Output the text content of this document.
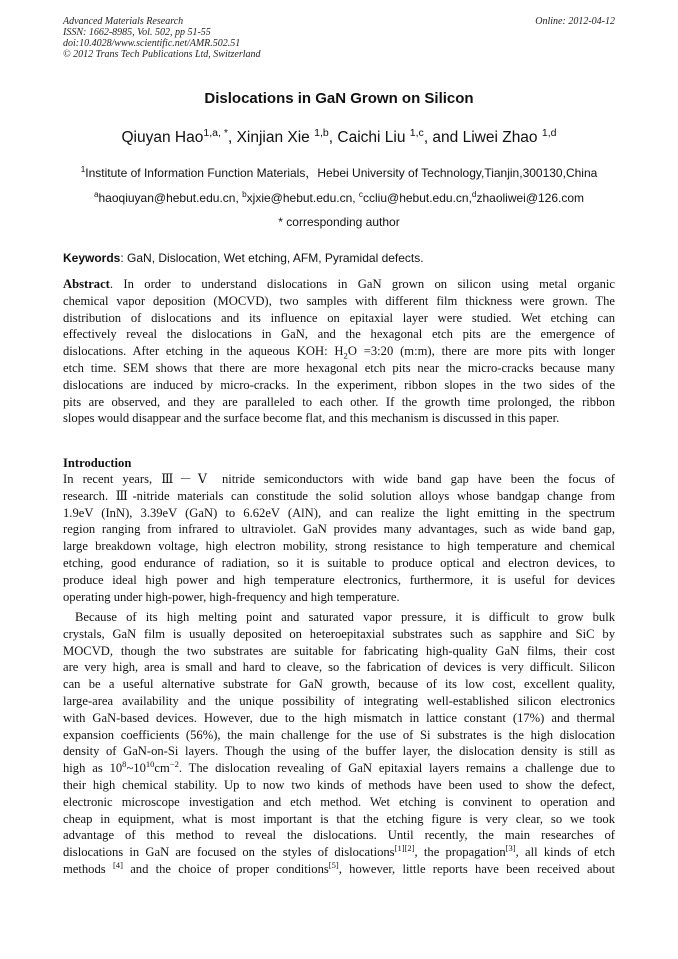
Advanced Materials Research
ISSN: 1662-8985, Vol. 502, pp 51-55
doi:10.4028/www.scientific.net/AMR.502.51
© 2012 Trans Tech Publications Ltd, Switzerland
Online: 2012-04-12
Dislocations in GaN Grown on Silicon
Qiuyan Hao$^{1,a, *}$, Xinjian Xie $^{1,b}$, Caichi Liu $^{1,c}$, and Liwei Zhao $^{1,d}$
$^1$Institute of Information Function Materials，Hebei University of Technology,Tianjin,300130,China
$^a$haoqiuyan@hebut.edu.cn, $^b$xjxie@hebut.edu.cn, $^c$ccliu@hebut.edu.cn,$^d$zhaoliwei@126.com
* corresponding author
Keywords: GaN, Dislocation, Wet etching, AFM, Pyramidal defects.
Abstract. In order to understand dislocations in GaN grown on silicon using metal organic
chemical vapor deposition (MOCVD), two samples with different film thickness were grown. The
distribution of dislocations and its influence on epitaxial layer were studied. Wet etching can
effectively reveal the dislocations in GaN, and the hexagonal etch pits are the emergence of
dislocations. After etching in the aqueous KOH: $H_2O$ =3:20 (m:m), there are more pits with longer
etch time. SEM shows that there are more hexagonal etch pits near the micro-cracks because many
dislocations are induced by micro-cracks. In the experiment, ribbon slopes in the two sides of the
pits are observed, and they are paralleled to each other. If the growth time prolonged, the ribbon
slopes would disappear and the surface become flat, and this mechanism is discussed in this paper.
Introduction
In recent years, Ⅲ－Ⅴ nitride semiconductors with wide band gap have been the focus of
research. Ⅲ-nitride materials can constitude the solid solution alloys whose bandgap change from
1.9eV (InN), 3.39eV (GaN) to 6.62eV (AlN), and can realize the light emitting in the spectrum
region ranging from infrared to ultraviolet. GaN provides many advantages, such as wide band gap,
large breakdown voltage, high electron mobility, strong resistance to high temperature and chemical
etching, good endurance of radiation, so it is suitable to produce optical and electron devices, to
produce ideal high power and high temperature electronics, furthermore, it is useful for devices
operating under high-power, high-frequency and high temperature.
Because of its high melting point and saturated vapor pressure, it is difficult to grow bulk
crystals, GaN film is usually deposited on heteroepitaxial substrates such as sapphire and SiC by
MOCVD, though the two substrates are suitable for fabricating high-quality GaN films, their cost
are very high, area is small and hard to cleave, so the fabrication of devices is very difficult. Silicon
can be a useful alternative substrate for GaN growth, because of its low cost, excellent quality,
large-area availability and the unique possibility of integrating well-established silicon electronics
with GaN-based devices. However, due to the high mismatch in lattice constant (17%) and thermal
expansion coefficients (56%), the main challenge for the use of Si substrates is the high dislocation
density of GaN-on-Si layers. Though the using of the buffer layer, the dislocation density is still as
high as $10^8\sim 10^{10}cm^{-2}$. The dislocation revealing of GaN epitaxial layers remains a challenge due to
their high chemical stability. Up to now two kinds of methods have been used to show the defect,
electronic microscope investigation and etch method. Wet etching is convinent to operation and
cheap in equipment, what is most important is that the etching figure is very clear, so we took
advantage of this method to reveal the dislocations. Until recently, the main researches of
dislocations in GaN are focused on the styles of dislocations[1][2], the propagation[3], all kinds of etch
methods [4] and the choice of proper conditions[5], however, little reports have been received about
